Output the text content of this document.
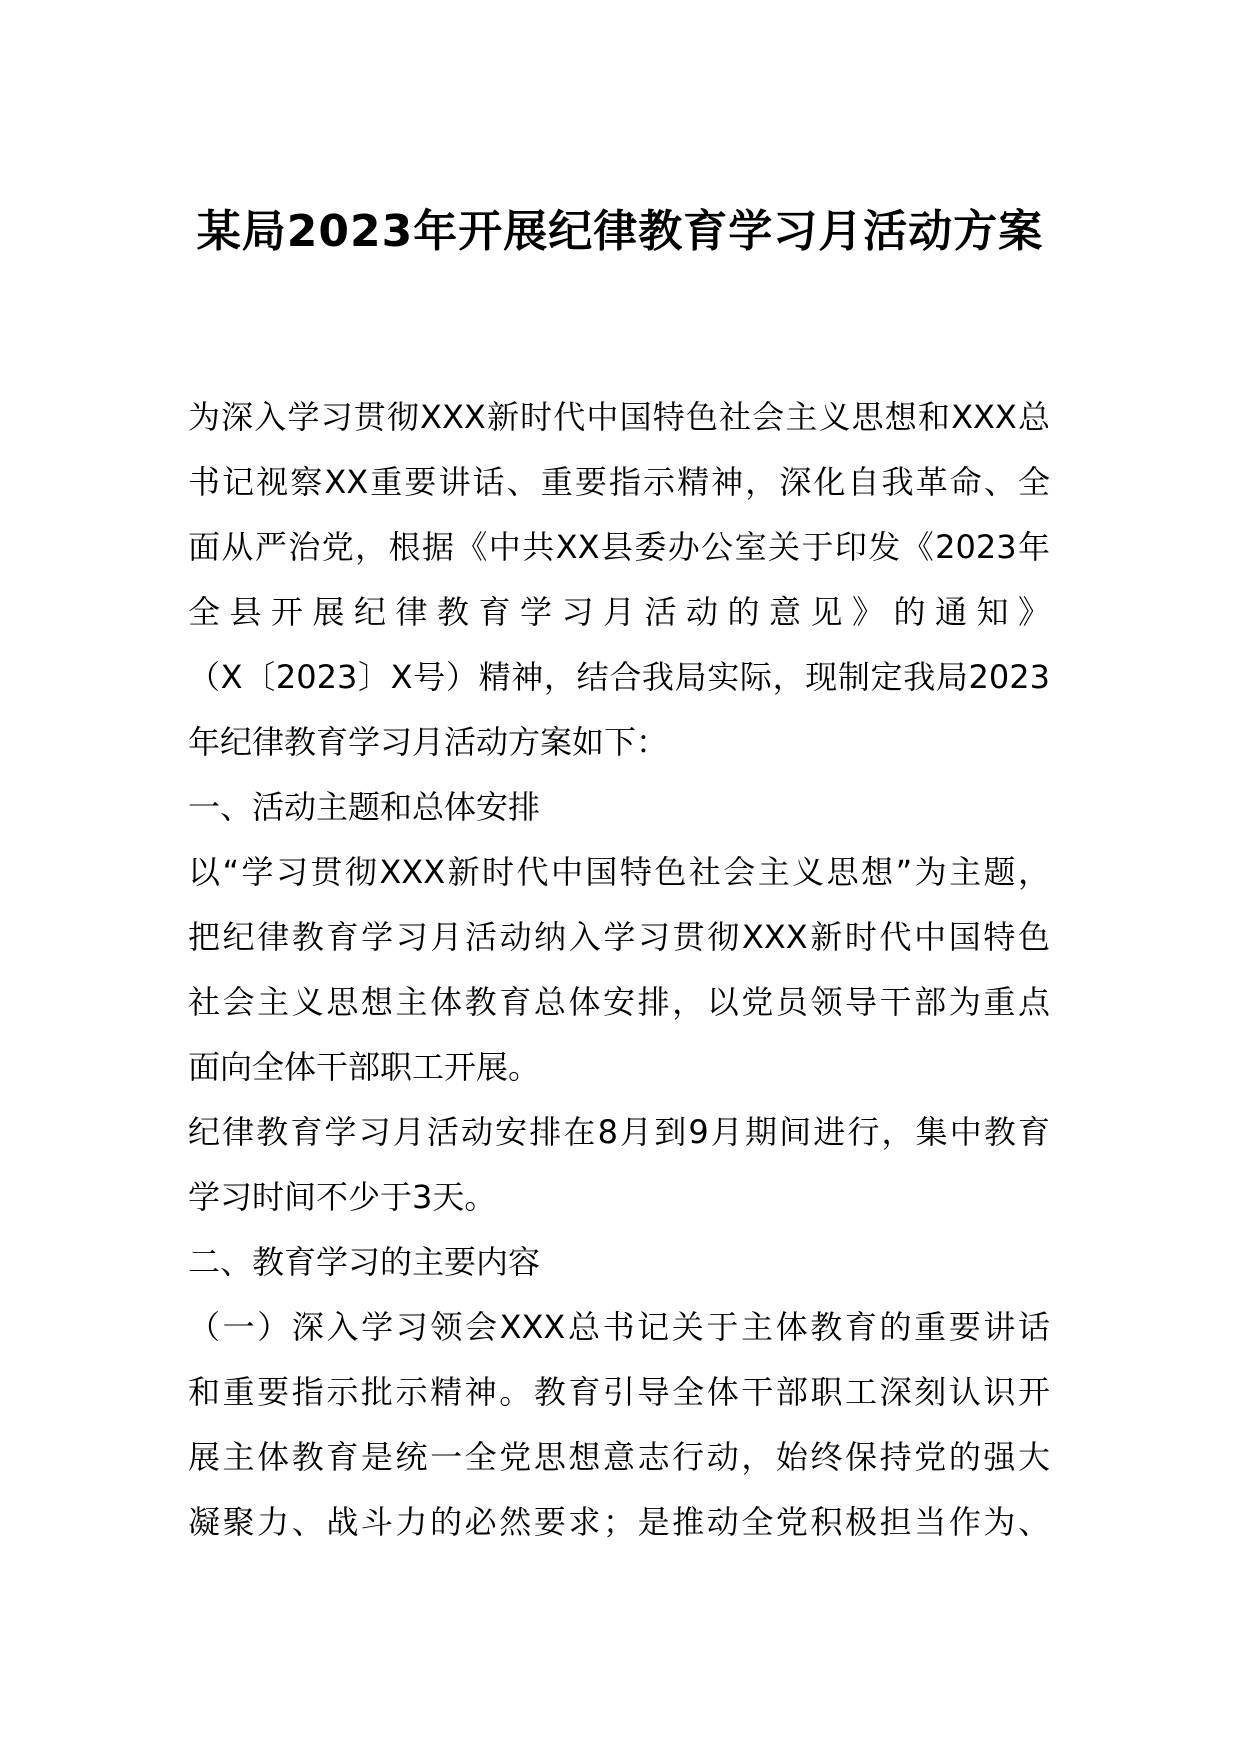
某局2023年开展纪律教育学习月活动方案
为深入学习贯彻XXX新时代中国特色社会主义思想和XXX总
书记视察XX重要讲话、重要指示精神，深化自我革命、全
面从严治党，根据《中共XX县委办公室关于印发《2023年
全县开展纪律教育学习月活动的意见》的通知》
（X〔2023〕X号）精神，结合我局实际，现制定我局2023
年纪律教育学习月活动方案如下：
一、活动主题和总体安排
以“学习贯彻XXX新时代中国特色社会主义思想”为主题，
把纪律教育学习月活动纳入学习贯彻XXX新时代中国特色
社会主义思想主体教育总体安排，以党员领导干部为重点
面向全体干部职工开展。
纪律教育学习月活动安排在8月到9月期间进行，集中教育
学习时间不少于3天。
二、教育学习的主要内容
（一）深入学习领会XXX总书记关于主体教育的重要讲话
和重要指示批示精神。教育引导全体干部职工深刻认识开
展主体教育是统一全党思想意志行动，始终保持党的强大
凝聚力、战斗力的必然要求；是推动全党积极担当作为、
